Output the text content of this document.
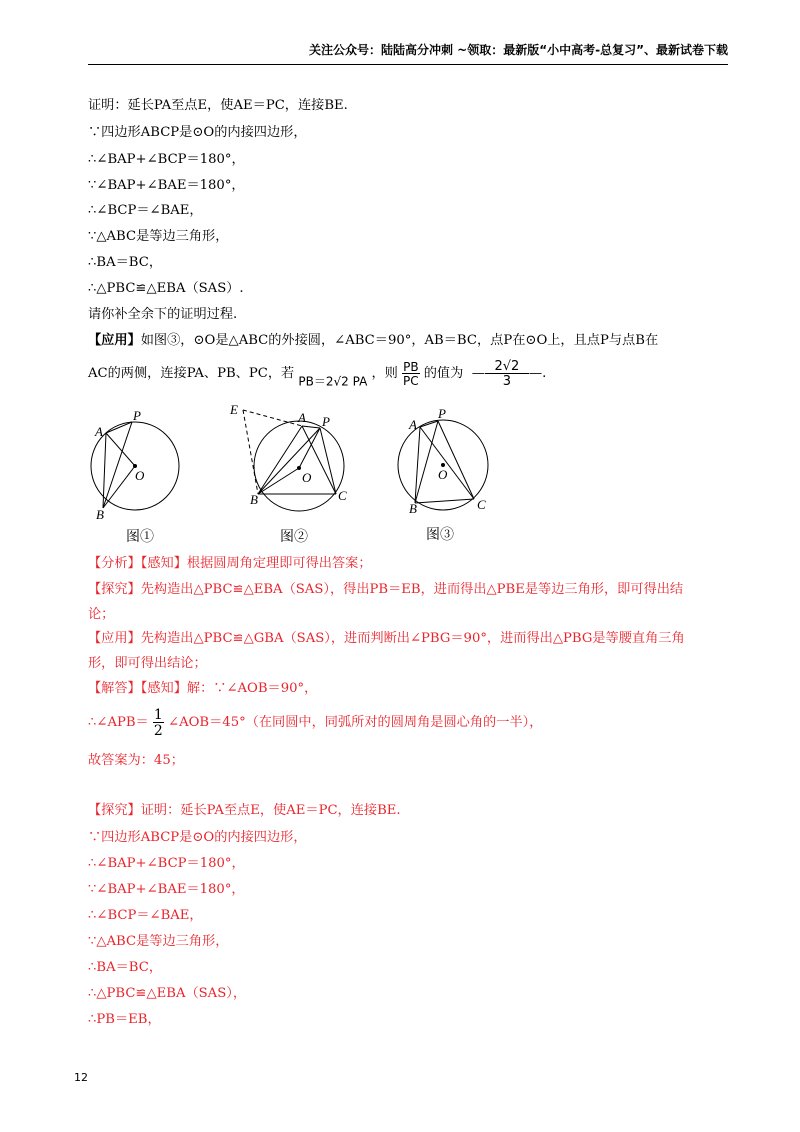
关注公众号：陆陆高分冲刺 ~领取：最新版“小中高考-总复习”、最新试卷下载
证明：延长PA至点E，使AE＝PC，连接BE.
∵四边形ABCP是⊙O的内接四边形，
∴∠BAP+∠BCP＝180°，
∵∠BAP+∠BAE＝180°，
∴∠BCP＝∠BAE，
∵△ABC是等边三角形，
∴BA＝BC，
∴△PBC≌△EBA（SAS）.
请你补全余下的证明过程.
【应用】如图③，⊙O是△ABC的外接圆，∠ABC＝90°，AB＝BC，点P在⊙O上，且点P与点B在
AC的两侧，连接PA、PB、PC，若 PB＝2√2 PA ，则 $\frac{PB}{PC}$ 的值为  — $\frac{2√2}{3}$ —.
A
P
O
B
图①
E
A P
O
B	C
图②
A
P
O
B	C
图③
【分析】【感知】根据圆周角定理即可得出答案；
【探究】先构造出△PBC≌△EBA（SAS），得出PB＝EB，进而得出△PBE是等边三角形，即可得出结
论；
【应用】先构造出△PBC≌△GBA（SAS），进而判断出∠PBG＝90°，进而得出△PBG是等腰直角三角
形，即可得出结论；
【解答】【感知】解：∵∠AOB＝90°，
∴∠APB＝ $\frac{1}{2}$ ∠AOB＝45°（在同圆中，同弧所对的圆周角是圆心角的一半），
故答案为：45；
【探究】证明：延长PA至点E，使AE＝PC，连接BE.
∵四边形ABCP是⊙O的内接四边形，
∴∠BAP+∠BCP＝180°，
∵∠BAP+∠BAE＝180°，
∴∠BCP＝∠BAE，
∵△ABC是等边三角形，
∴BA＝BC，
∴△PBC≌△EBA（SAS），
∴PB＝EB，
12
